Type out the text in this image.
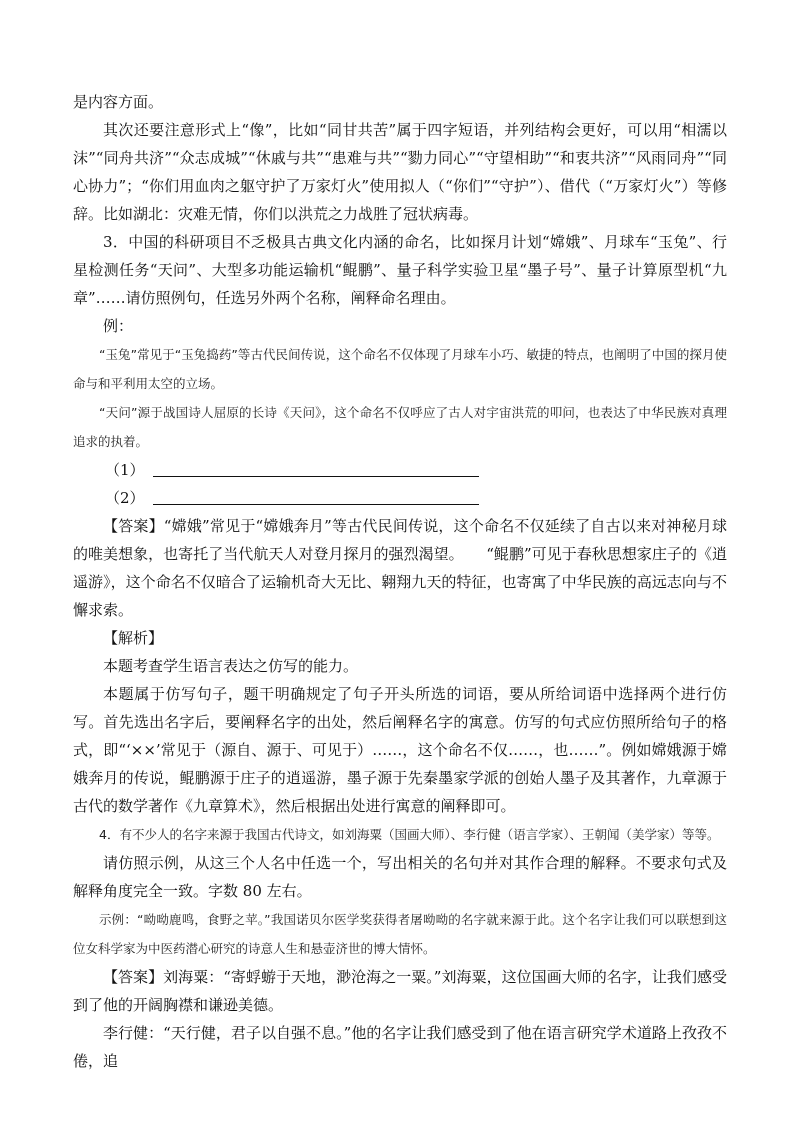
是内容方面。

其次还要注意形式上“像”，比如“同甘共苦”属于四字短语，并列结构会更好，可以用“相濡以沫”“同舟共济”“众志成城”“休戚与共”“患难与共”“勠力同心”“守望相助”“和衷共济”“风雨同舟”“同心协力”；“你们用血肉之躯守护了万家灯火”使用拟人（“你们”“守护”）、借代（“万家灯火”）等修辞。比如湖北：灾难无情，你们以洪荒之力战胜了冠状病毒。

3．中国的科研项目不乏极具古典文化内涵的命名，比如探月计划“嫦娥”、月球车“玉兔”、行星检测任务“天问”、大型多功能运输机“鲲鹏”、量子科学实验卫星“墨子号”、量子计算原型机“九章”……请仿照例句，任选另外两个名称，阐释命名理由。

例：

“玉兔”常见于“玉兔捣药”等古代民间传说，这个命名不仅体现了月球车小巧、敏捷的特点，也阐明了中国的探月使命与和平利用太空的立场。

“天问”源于战国诗人屈原的长诗《天问》，这个命名不仅呼应了古人对宇宙洪荒的叩问，也表达了中华民族对真理追求的执着。

（1）
（2）

【答案】“嫦娥”常见于“嫦娥奔月”等古代民间传说，这个命名不仅延续了自古以来对神秘月球的唯美想象，也寄托了当代航天人对登月探月的强烈渴望。　　“鲲鹏”可见于春秋思想家庄子的《逍遥游》，这个命名不仅暗合了运输机奇大无比、翱翔九天的特征，也寄寓了中华民族的高远志向与不懈求索。

【解析】

本题考查学生语言表达之仿写的能力。

本题属于仿写句子，题干明确规定了句子开头所选的词语，要从所给词语中选择两个进行仿写。首先选出名字后，要阐释名字的出处，然后阐释名字的寓意。仿写的句式应仿照所给句子的格式，即“‘××’常见于（源自、源于、可见于）……，这个命名不仅……，也……”。例如嫦娥源于嫦娥奔月的传说，鲲鹏源于庄子的逍遥游，墨子源于先秦墨家学派的创始人墨子及其著作，九章源于古代的数学著作《九章算术》，然后根据出处进行寓意的阐释即可。

4．有不少人的名字来源于我国古代诗文，如刘海粟（国画大师）、李行健（语言学家）、王朝闻（美学家）等等。

请仿照示例，从这三个人名中任选一个，写出相关的名句并对其作合理的解释。不要求句式及解释角度完全一致。字数 80 左右。

示例：“呦呦鹿鸣，食野之苹。”我国诺贝尔医学奖获得者屠呦呦的名字就来源于此。这个名字让我们可以联想到这位女科学家为中医药潜心研究的诗意人生和悬壶济世的博大情怀。

【答案】刘海粟：“寄蜉蝣于天地，渺沧海之一粟。”刘海粟，这位国画大师的名字，让我们感受到了他的开阔胸襟和谦逊美德。

李行健：“天行健，君子以自强不息。”他的名字让我们感受到了他在语言研究学术道路上孜孜不倦，追
